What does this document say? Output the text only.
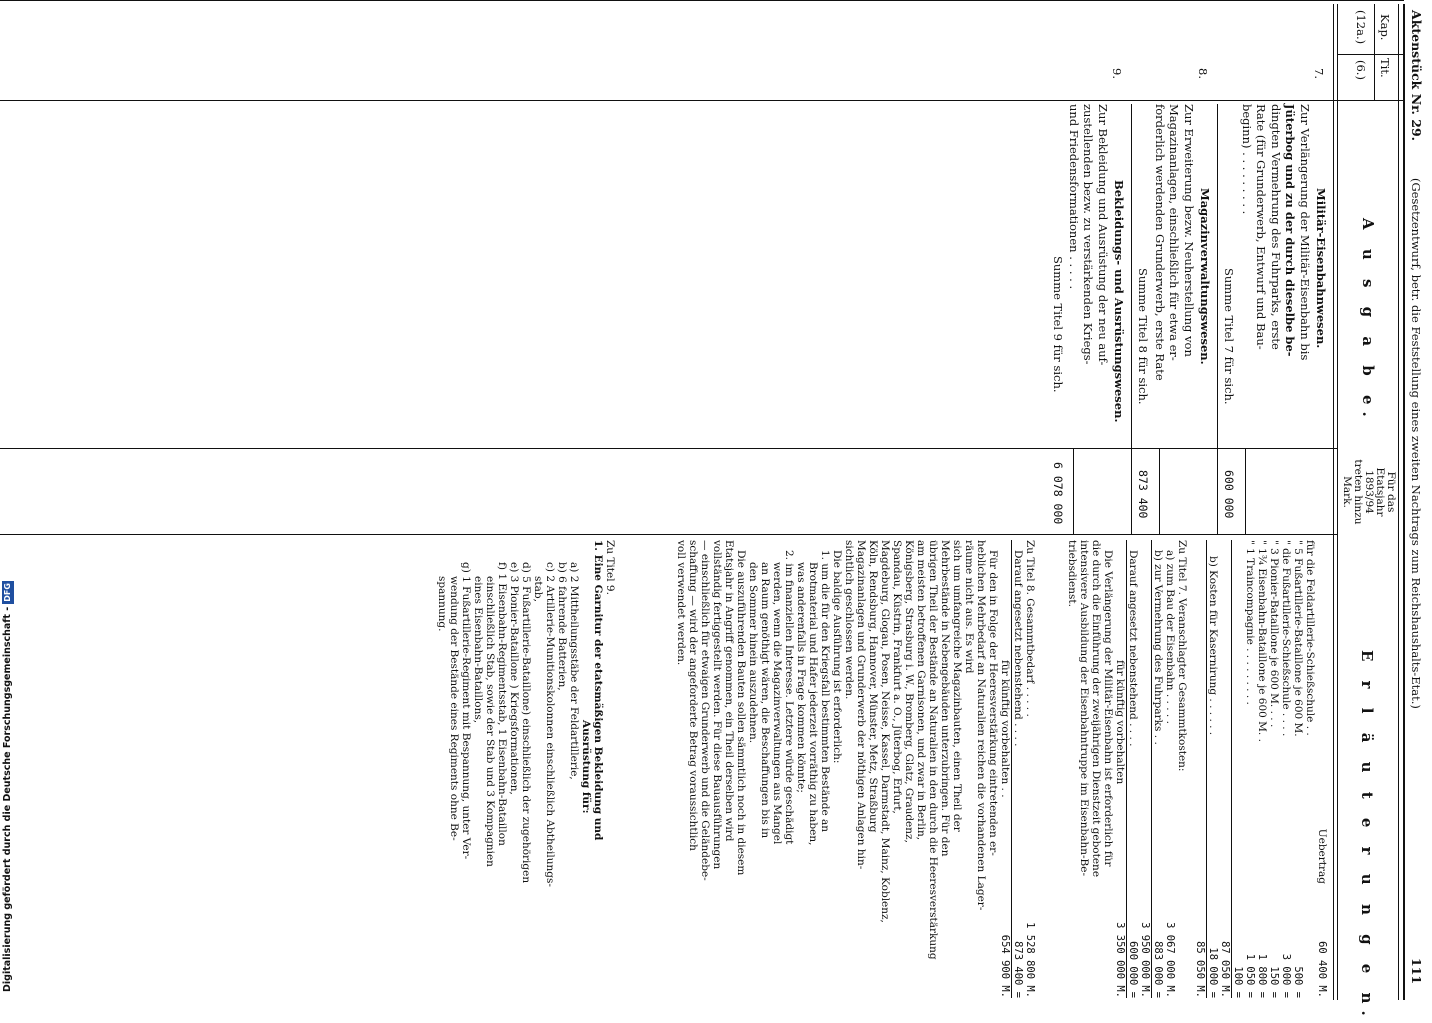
Digitalisierung gefördert durch die Deutsche Forschungsgemeinschaft -DFG
Aktenstück Nr. 29.
(Gesetzentwurf, betr. die Feststellung eines zweiten Nachtrags zum Reichshaushalts-Etat.)
111
Kap.
Tit.
A u s g a b e.
Für das
Etatsjahr
1893/94
treten hinzu
Mark.
E r l ä u t e r u n g e n.
(12a.)
(6.)
7.
Militär-Eisenbahnwesen.
Zur Verlängerung der Militär-Eisenbahn bis
Jüterbog und zu der durch dieselbe be-
dingten Vermehrung des Fuhrparks, erste
Rate (für Grunderwerb, Entwurf und Bau-
beginn) . . . . . . . . .
Summe Titel 7 für sich.
600 000
8.
Magazinverwaltungswesen.
Zur Erweiterung bezw. Neuherstellung von
Magazinanlagen, einschließlich für etwa er-
forderlich werdenden Grunderwerb, erste Rate
Summe Titel 8 für sich.
873 400
9.
Bekleidungs- und Ausrüstungswesen.
Zur Bekleidung und Ausrüstung der neu auf-
zustellenden bezw. zu verstärkenden Kriegs-
und Friedensformationen . . . . .
Summe Titel 9 für sich.
6 078 000
Uebertrag
60 400 M.
für die Feldartillerie-Schießschule . .
" 5 Fußartillerie-Bataillone je 600 M.
500 =
" die Fußartillerie-Schießschule . . . .
3 000 =
" 3 Pionier-Bataillone je 600 M. . . .
150 =
" 1¾ Eisenbahn-Bataillone je 600 M. .
1 800 =
" 1 Traincompagnie . . . . . . . . .
1 050 =
100 =
87 050 M.
b) Kosten für Kasernirung . . . . . .
18 000 =
85 050 M.
Zu Titel 7. Veranschlagter Gesammtkosten:
a) zum Bau der Eisenbahn . . . . .
3 067 000 M.
b) zur Vermehrung des Fuhrparks . .
883 000 =
3 950 000 M.
Darauf angesetzt nebenstehend . . . .
600 000 =
für künftig vorbehalten
3 350 000 M.
Die Verlängerung der Militär-Eisenbahn ist erforderlich für
die durch die Einführung der zweijährigen Dienstzeit gebotene
intensivere Ausbildung der Eisenbahntruppe im Eisenbahn-Be-
triebsdienst.
Zu Titel 8. Gesammtbedarf . . . . .
1 528 800 M.
Darauf angesetzt nebenstehend . . . .
873 400 =
für künftig vorbehalten . .
654 900 M.
Für den in Folge der Heeresverstärkung eintretenden er-
heblichen Mehrbedarf an Naturalien reichen die vorhandenen Lager-
räume nicht aus. Es wird
sich um umfangreiche Magazinbauten, einen Theil der
Mehrbestände in Nebengebäuden unterzubringen. Für den
übrigen Theil der Bestände an Naturalien in den durch die Heeresverstärkung
am meisten betroffenen Garnisonen, und zwar in Berlin,
Königsberg, Strasburg i. W., Bromberg, Glatz, Graudenz,
Spandau, Küstrin, Frankfurt a. O., Jüterbog, Erfurt,
Magdeburg, Glogau, Posen, Neisse, Kassel, Darmstadt, Mainz, Koblenz,
Köln, Rendsburg, Hannover, Münster, Metz, Straßburg
Magazinanlagen und Grunderwerb der nöthigen Anlagen hin-
sichtlich geschlossen werden.
Die baldige Ausführung ist erforderlich:
1. um die für den Kriegsfall bestimmten Bestände an
Brotmaterial und Hafer jederzeit vorräthig zu haben,
was anderenfalls in Frage kommen könnte;
2. im finanziellen Interesse. Letztere würde geschädigt
werden, wenn die Magazinverwaltungen aus Mangel
an Raum genöthigt wären, die Beschaffungen bis in
den Sommer hinein auszudehnen.
Die auszuführenden Bauten sollen sämmtlich noch in diesem
Etatsjahr in Angriff genommen, ein Theil derselben wird
vollständig fertiggestellt werden. Für diese Bauausführungen
— einschließlich für etwaigen Grunderwerb und die Geländebe-
schaffung — wird der angeforderte Betrag voraussichtlich
voll verwendet werden.
Zu Titel 9.
1. Eine Garnitur der etatsmäßigen Bekleidung und
Ausrüstung für:
a) 2 Mittheilungsstäbe der Feldartillerie,
b) 6 fahrende Batterien,
c) 2 Artillerie-Munitionskolonnen einschließlich Abtheilungs-
stab,
d) 5 Fußartillerie-Bataillone) einschließlich der zugehörigen
e) 3 Pionier-Bataillone ) Kriegsformationen,
f) 1 Eisenbahn-Regimentsstab, 1 Eisenbahn-Bataillon
einschließlich Stab, sowie der Stab und 3 Kompagnien
eines Eisenbahn-Bataillons,
g) 1 Fußartillerie-Regiment mit Bespannung, unter Ver-
wendung der Bestände eines Regiments ohne Be-
spannung.
